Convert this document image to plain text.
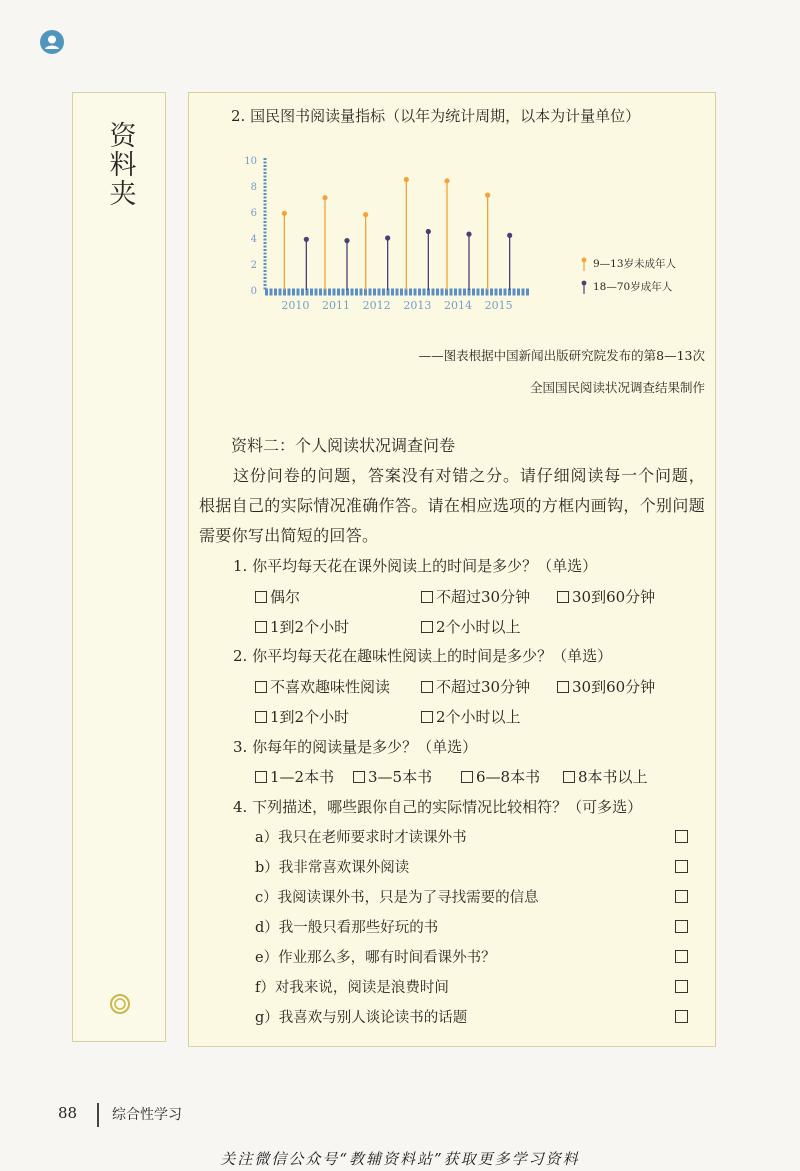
资料夹
2. 国民图书阅读量指标（以年为统计周期，以本为计量单位）
0
2
4
6
8
10
2010 2011 2012 2013 2014 2015
9—13岁未成年人
18—70岁成年人
——图表根据中国新闻出版研究院发布的第8—13次
全国国民阅读状况调查结果制作
资料二：个人阅读状况调查问卷
这份问卷的问题，答案没有对错之分。请仔细阅读每一个问题，根据自己的实际情况准确作答。请在相应选项的方框内画钩，个别问题需要你写出简短的回答。
1. 你平均每天花在课外阅读上的时间是多少？（单选）
偶尔	不超过30分钟	30到60分钟
1到2个小时	2个小时以上
2. 你平均每天花在趣味性阅读上的时间是多少？（单选）
不喜欢趣味性阅读	不超过30分钟	30到60分钟
1到2个小时	2个小时以上
3. 你每年的阅读量是多少？（单选）
1—2本书 3—5本书	6—8本书	8本书以上
4. 下列描述，哪些跟你自己的实际情况比较相符？（可多选）
a）我只在老师要求时才读课外书
b）我非常喜欢课外阅读
c）我阅读课外书，只是为了寻找需要的信息
d）我一般只看那些好玩的书
e）作业那么多，哪有时间看课外书？
f）对我来说，阅读是浪费时间
g）我喜欢与别人谈论读书的话题
88 综合性学习
关注微信公众号“教辅资料站”获取更多学习资料
